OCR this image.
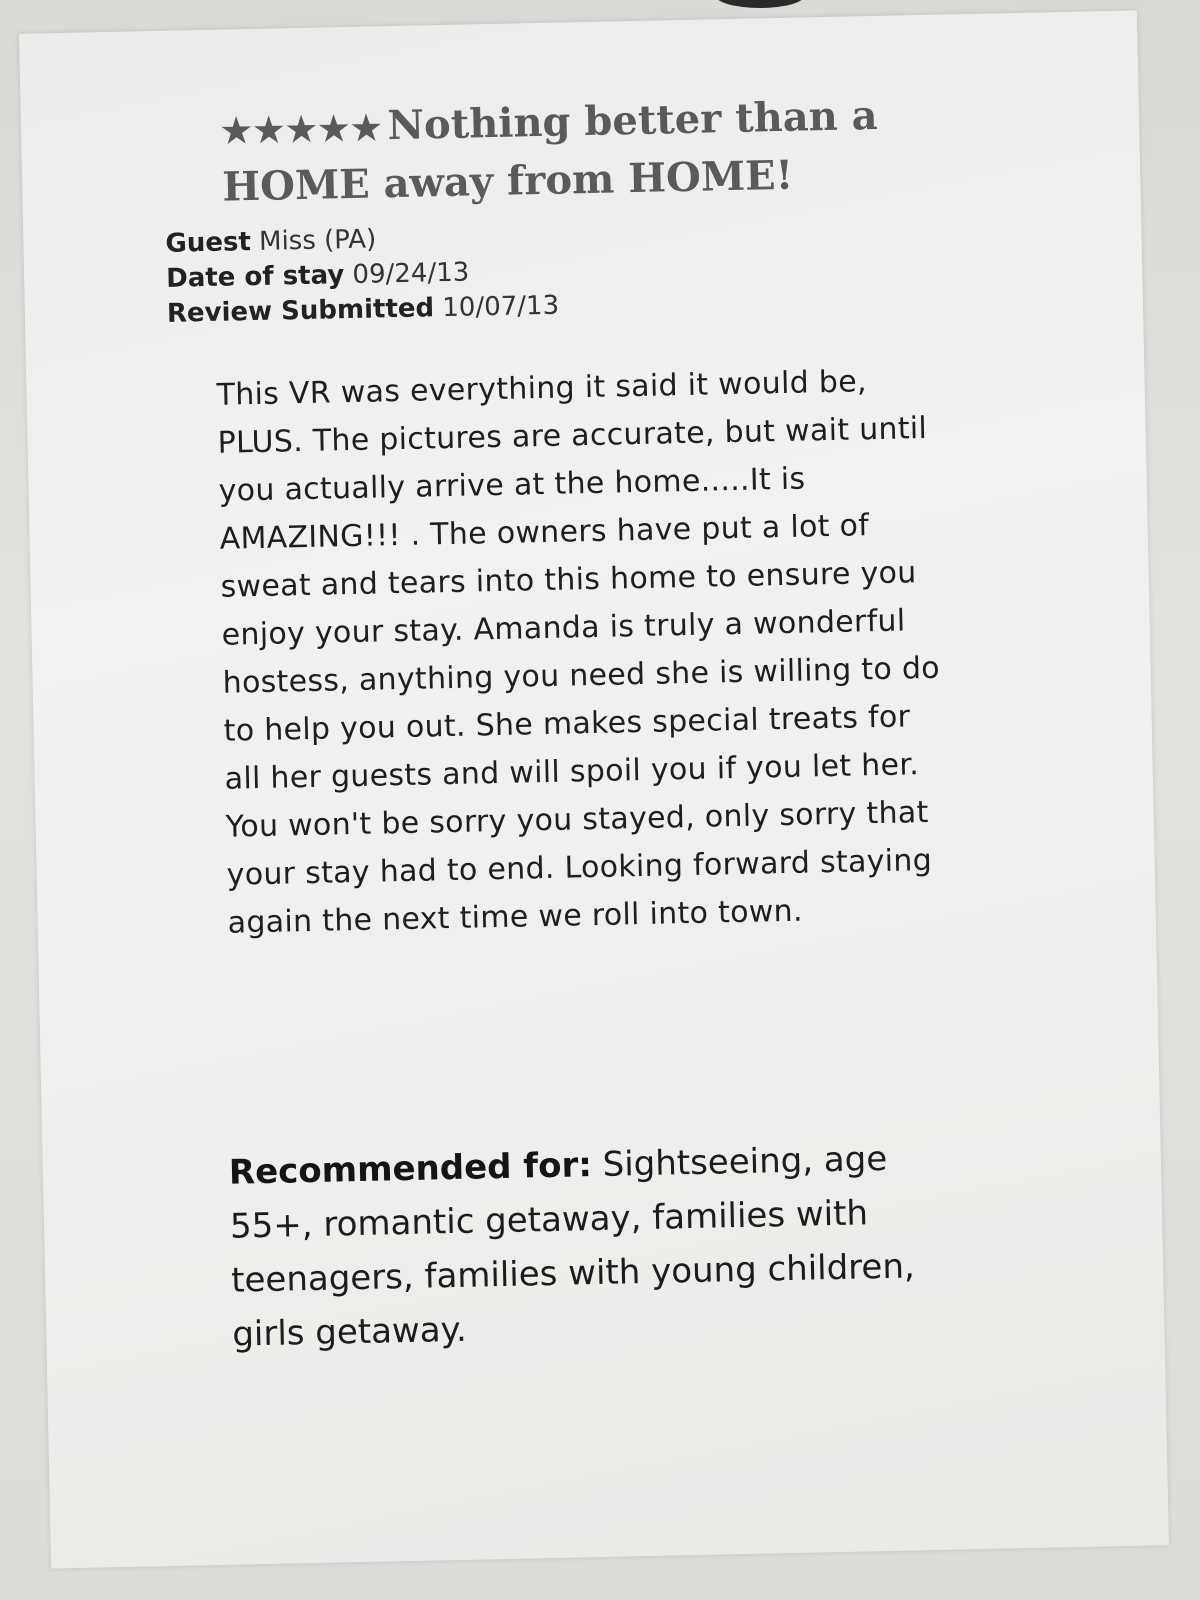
★★★★★Nothing better than a HOME away from HOME!
Guest Miss (PA)
Date of stay 09/24/13
Review Submitted 10/07/13
This VR was everything it said it would be, PLUS. The pictures are accurate, but wait until you actually arrive at the home.....It is AMAZING!!! . The owners have put a lot of sweat and tears into this home to ensure you enjoy your stay. Amanda is truly a wonderful hostess, anything you need she is willing to do to help you out. She makes special treats for all her guests and will spoil you if you let her. You won't be sorry you stayed, only sorry that your stay had to end. Looking forward staying again the next time we roll into town.
Recommended for: Sightseeing, age 55+, romantic getaway, families with teenagers, families with young children, girls getaway.
